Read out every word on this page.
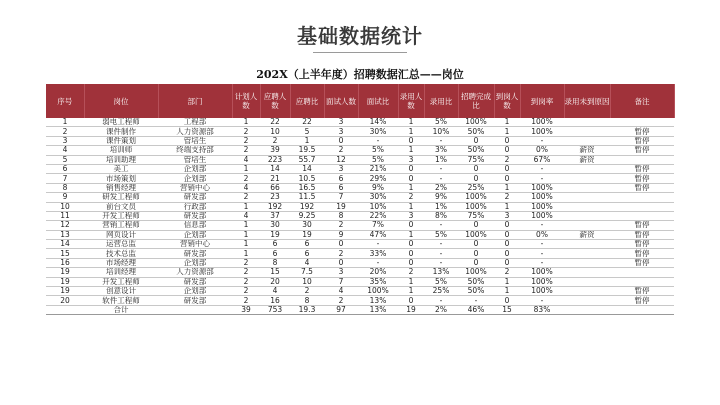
基础数据统计
202X（上半年度）招聘数据汇总——岗位
序号	岗位	部门	计划人数	应聘人数	应聘比	面试人数	面试比	录用人数	录用比	招聘完成比	到岗人数	到岗率	录用未到原因	备注
1	弱电工程师	工程部	1	22	22	3	14%	1	5%	100%	1	100%		
2	课件制作	人力资源部	2	10	5	3	30%	1	10%	50%	1	100%		暂停
3	课件策划	管培生	2	2	1	0	-	0	-	0	0	-		暂停
4	培训师	终端支持部	2	39	19.5	2	5%	1	3%	50%	0	0%	薪资	暂停
5	培训助理	管培生	4	223	55.7	12	5%	3	1%	75%	2	67%	薪资	
6	美工	企划部	1	14	14	3	21%	0	-	0	0	-		暂停
7	市场策划	企划部	2	21	10.5	6	29%	0	-	0	0	-		暂停
8	销售经理	营销中心	4	66	16.5	6	9%	1	2%	25%	1	100%		暂停
9	研发工程师	研发部	2	23	11.5	7	30%	2	9%	100%	2	100%		
10	前台文员	行政部	1	192	192	19	10%	1	1%	100%	1	100%		
11	开发工程师	研发部	4	37	9.25	8	22%	3	8%	75%	3	100%		
12	营销工程师	信息部	1	30	30	2	7%	0	-	0	0	-		暂停
13	网页设计	企划部	1	19	19	9	47%	1	5%	100%	0	0%	薪资	暂停
14	运营总监	营销中心	1	6	6	0	-	0	-	0	0	-		暂停
15	技术总监	研发部	1	6	6	2	33%	0	-	0	0	-		暂停
16	市场经理	企划部	2	8	4	0	-	0	-	0	0	-		暂停
19	培训经理	人力资源部	2	15	7.5	3	20%	2	13%	100%	2	100%		
19	开发工程师	研发部	2	20	10	7	35%	1	5%	50%	1	100%		
19	创意设计	企划部	2	4	2	4	100%	1	25%	50%	1	100%		暂停
20	软件工程师	研发部	2	16	8	2	13%	0	-	-	0	-		暂停
	合计		39	753	19.3	97	13%	19	2%	46%	15	83%		
